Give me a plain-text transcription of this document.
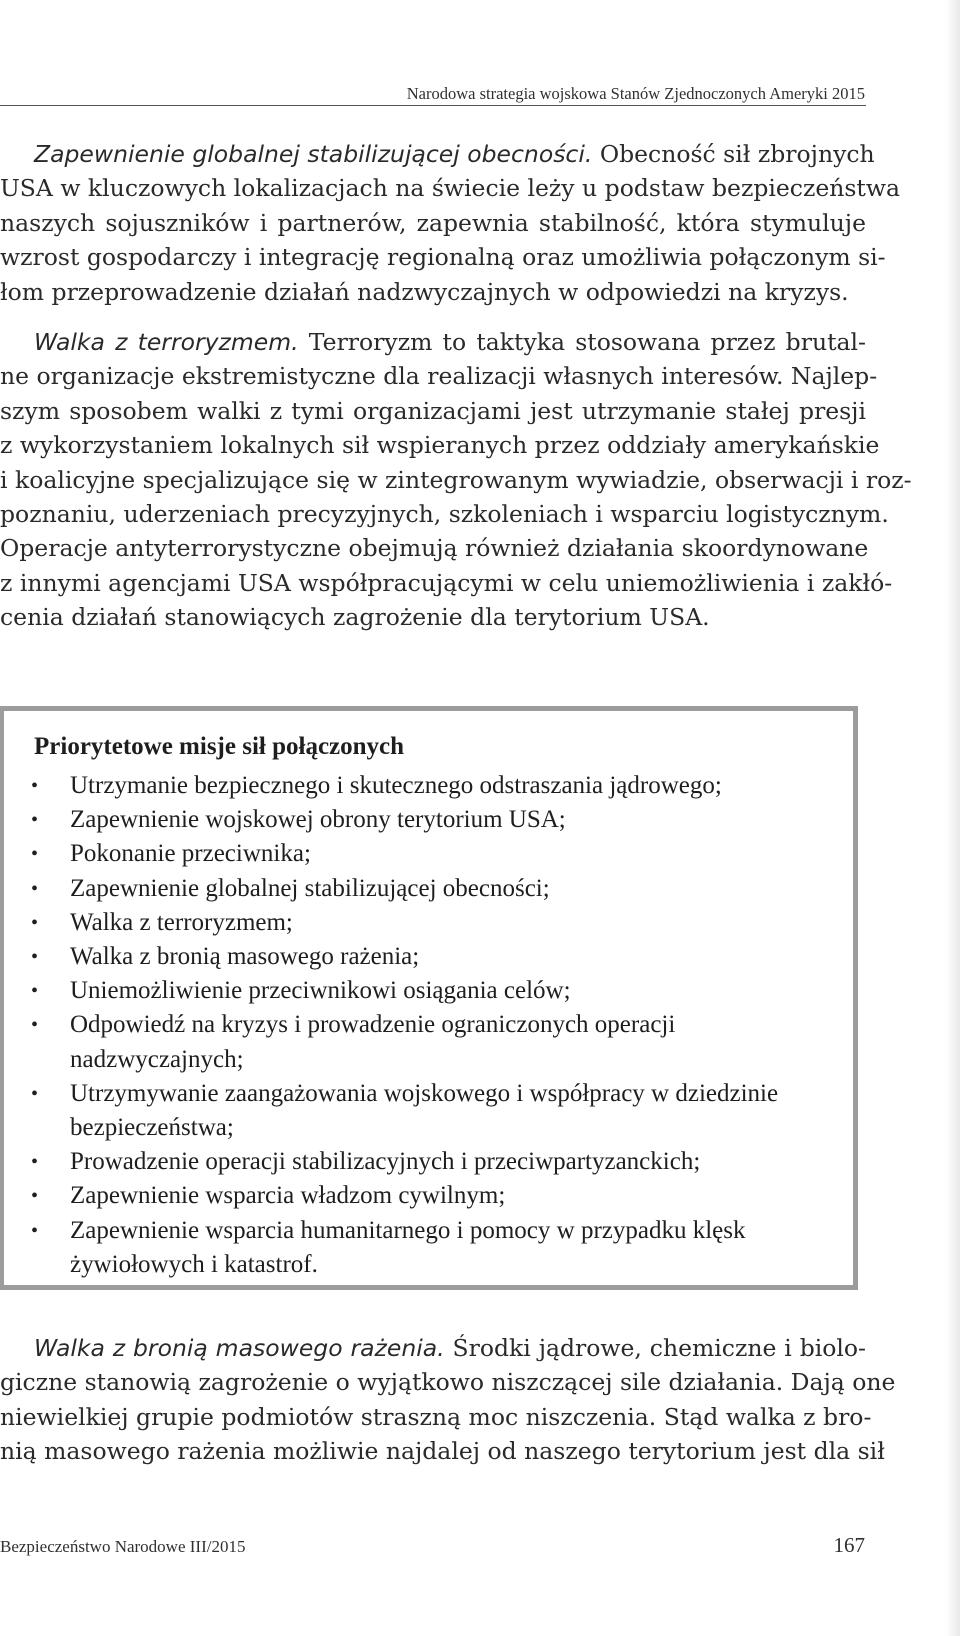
Narodowa strategia wojskowa Stanów Zjednoczonych Ameryki 2015
Zapewnienie globalnej stabilizującej obecności. Obecność sił zbrojnych
USA w kluczowych lokalizacjach na świecie leży u podstaw bezpieczeństwa
naszych sojuszników i partnerów, zapewnia stabilność, która stymuluje
wzrost gospodarczy i integrację regionalną oraz umożliwia połączonym si-
łom przeprowadzenie działań nadzwyczajnych w odpowiedzi na kryzys.
Walka z terroryzmem. Terroryzm to taktyka stosowana przez brutal-
ne organizacje ekstremistyczne dla realizacji własnych interesów. Najlep-
szym sposobem walki z tymi organizacjami jest utrzymanie stałej presji
z wykorzystaniem lokalnych sił wspieranych przez oddziały amerykańskie
i koalicyjne specjalizujące się w zintegrowanym wywiadzie, obserwacji i roz-
poznaniu, uderzeniach precyzyjnych, szkoleniach i wsparciu logistycznym.
Operacje antyterrorystyczne obejmują również działania skoordynowane
z innymi agencjami USA współpracującymi w celu uniemożliwienia i zakłó-
cenia działań stanowiących zagrożenie dla terytorium USA.
Priorytetowe misje sił połączonych
• Utrzymanie bezpiecznego i skutecznego odstraszania jądrowego;
• Zapewnienie wojskowej obrony terytorium USA;
• Pokonanie przeciwnika;
• Zapewnienie globalnej stabilizującej obecności;
• Walka z terroryzmem;
• Walka z bronią masowego rażenia;
• Uniemożliwienie przeciwnikowi osiągania celów;
• Odpowiedź na kryzys i prowadzenie ograniczonych operacji nadzwyczajnych;
• Utrzymywanie zaangażowania wojskowego i współpracy w dziedzinie bezpieczeństwa;
• Prowadzenie operacji stabilizacyjnych i przeciwpartyzanckich;
• Zapewnienie wsparcia władzom cywilnym;
• Zapewnienie wsparcia humanitarnego i pomocy w przypadku klęsk żywiołowych i katastrof.
Walka z bronią masowego rażenia. Środki jądrowe, chemiczne i biolo-
giczne stanowią zagrożenie o wyjątkowo niszczącej sile działania. Dają one
niewielkiej grupie podmiotów straszną moc niszczenia. Stąd walka z bro-
nią masowego rażenia możliwie najdalej od naszego terytorium jest dla sił
Bezpieczeństwo Narodowe III/2015	167
